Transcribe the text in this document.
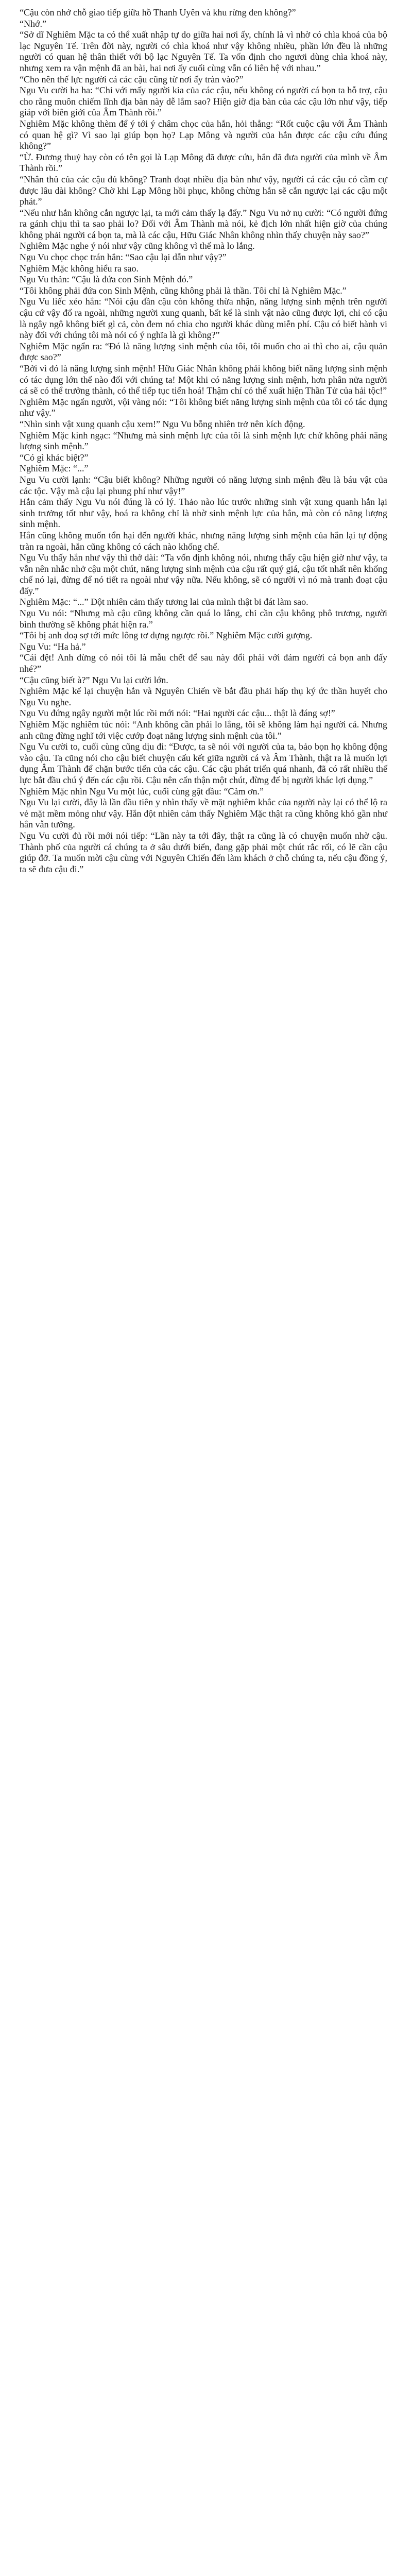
“Cậu còn nhớ chỗ giao tiếp giữa hồ Thanh Uyên và khu rừng đen không?”

“Nhớ.”

“Sở dĩ Nghiêm Mặc ta có thể xuất nhập tự do giữa hai nơi ấy, chính là vì nhờ có chìa khoá của bộ lạc Nguyên Tế. Trên đời này, người có chìa khoá như vậy không nhiều, phần lớn đều là những người có quan hệ thân thiết với bộ lạc Nguyên Tế. Ta vốn định cho ngươi dùng chìa khoá này, nhưng xem ra vận mệnh đã an bài, hai nơi ấy cuối cùng vẫn có liên hệ với nhau.”

“Cho nên thế lực người cá các cậu cũng từ nơi ấy tràn vào?”

Ngu Vu cười ha ha: “Chỉ với mấy người kia của các cậu, nếu không có người cá bọn ta hỗ trợ, cậu cho rằng muôn chiếm lĩnh địa bàn này dễ lắm sao? Hiện giờ địa bàn của các cậu lớn như vậy, tiếp giáp với biên giới của Âm Thành rồi.”

Nghiêm Mặc không thèm để ý tới ý châm chọc của hắn, hỏi thẳng: “Rốt cuộc cậu với Âm Thành có quan hệ gì? Vì sao lại giúp bọn họ? Lạp Mông và người của hắn được các cậu cứu đúng không?”

“Ừ. Đương thuỷ hay còn có tên gọi là Lạp Mông đã được cứu, hắn đã đưa người của mình về Âm Thành rồi.”

“Nhân thủ của các cậu đủ không? Tranh đoạt nhiều địa bàn như vậy, người cá các cậu có cầm cự được lâu dài không? Chờ khi Lạp Mông hồi phục, không chừng hắn sẽ cắn ngược lại các cậu một phát.”

“Nếu như hắn không cắn ngược lại, ta mới cảm thấy lạ đấy.” Ngu Vu nở nụ cười: “Có người đứng ra gánh chịu thì ta sao phải lo? Đối với Âm Thành mà nói, kẻ địch lớn nhất hiện giờ của chúng không phải người cá bọn ta, mà là các cậu, Hữu Giác Nhân không nhìn thấy chuyện này sao?”

Nghiêm Mặc nghe ý nói như vậy cũng không vì thế mà lo lắng.

Ngu Vu chọc chọc trán hắn: “Sao cậu lại dẫn như vậy?”

Nghiêm Mặc không hiểu ra sao.

Ngu Vu thản: “Cậu là đứa con Sinh Mệnh đó.”

“Tôi không phải đứa con Sinh Mệnh, cũng không phải là thần. Tôi chỉ là Nghiêm Mặc.”

Ngu Vu liếc xéo hắn: “Nói cậu đần cậu còn không thừa nhận, năng lượng sinh mệnh trên người cậu cứ vậy đổ ra ngoài, những người xung quanh, bất kể là sinh vật nào cũng được lợi, chỉ có cậu là ngây ngô không biết gì cả, còn đem nó chia cho người khác dùng miễn phí. Cậu có biết hành vi này đối với chúng tôi mà nói có ý nghĩa là gì không?”

Nghiêm Mặc ngẩn ra: “Đó là năng lượng sinh mệnh của tôi, tôi muốn cho ai thì cho ai, cậu quản được sao?”

“Bởi vì đó là năng lượng sinh mệnh! Hữu Giác Nhân không phải không biết năng lượng sinh mệnh có tác dụng lớn thế nào đối với chúng ta! Một khi có năng lượng sinh mệnh, hơn phân nửa người cá sẽ có thể trưởng thành, có thể tiếp tục tiến hoá! Thậm chí có thể xuất hiện Thần Tử của hải tộc!”

Nghiêm Mặc ngẩn người, vội vàng nói: “Tôi không biết năng lượng sinh mệnh của tôi có tác dụng như vậy.”

“Nhìn sinh vật xung quanh cậu xem!” Ngu Vu bỗng nhiên trở nên kích động.

Nghiêm Mặc kinh ngạc: “Nhưng mà sinh mệnh lực của tôi là sinh mệnh lực chứ không phải năng lượng sinh mệnh.”

“Có gì khác biệt?”

Nghiêm Mặc: “...”

Ngu Vu cười lạnh: “Cậu biết không? Những người có năng lượng sinh mệnh đều là báu vật của các tộc. Vậy mà cậu lại phung phí như vậy!”

Hắn cảm thấy Ngu Vu nói đúng là có lý. Thảo nào lúc trước những sinh vật xung quanh hắn lại sinh trưởng tốt như vậy, hoá ra không chỉ là nhờ sinh mệnh lực của hắn, mà còn có năng lượng sinh mệnh.

Hắn cũng không muốn tổn hại đến người khác, nhưng năng lượng sinh mệnh của hắn lại tự động tràn ra ngoài, hắn cũng không có cách nào khống chế.

Ngu Vu thấy hắn như vậy thì thở dài: “Ta vốn định không nói, nhưng thấy cậu hiện giờ như vậy, ta vẫn nên nhắc nhở cậu một chút, năng lượng sinh mệnh của cậu rất quý giá, cậu tốt nhất nên khống chế nó lại, đừng để nó tiết ra ngoài như vậy nữa. Nếu không, sẽ có người vì nó mà tranh đoạt cậu đấy.”

Nghiêm Mặc: “...” Đột nhiên cảm thấy tương lai của mình thật bi đát làm sao.

Ngu Vu nói: “Nhưng mà cậu cũng không cần quá lo lắng, chỉ cần cậu không phô trương, người bình thường sẽ không phát hiện ra.”

“Tôi bị anh doạ sợ tới mức lông tơ dựng ngược rồi.” Nghiêm Mặc cười gượng.

Ngu Vu: “Ha hả.”

“Cái đệt! Anh đừng có nói tôi là mẫu chết để sau này đổi phải với đám người cá bọn anh đấy nhé?”

“Cậu cũng biết à?” Ngu Vu lại cười lớn.

Nghiêm Mặc kể lại chuyện hắn và Nguyên Chiến về bắt đầu phải hấp thụ ký ức thần huyết cho Ngu Vu nghe.

Ngu Vu đứng ngây người một lúc rồi mới nói: “Hai người các cậu... thật là đáng sợ!”

Nghiêm Mặc nghiêm túc nói: “Anh không cần phải lo lắng, tôi sẽ không làm hại người cá. Nhưng anh cũng đừng nghĩ tới việc cướp đoạt năng lượng sinh mệnh của tôi.”

Ngu Vu cười to, cuối cùng cũng dịu đi: “Được, ta sẽ nói với người của ta, bảo bọn họ không động vào cậu. Ta cũng nói cho cậu biết chuyện cấu kết giữa người cá và Âm Thành, thật ra là muốn lợi dụng Âm Thành để chặn bước tiến của các cậu. Các cậu phát triển quá nhanh, đã có rất nhiều thế lực bắt đầu chú ý đến các cậu rồi. Cậu nên cẩn thận một chút, đừng để bị người khác lợi dụng.”

Nghiêm Mặc nhìn Ngu Vu một lúc, cuối cùng gật đầu: “Cảm ơn.”

Ngu Vu lại cười, đây là lần đầu tiên y nhìn thấy về mặt nghiêm khắc của người này lại có thể lộ ra vẻ mặt mềm mỏng như vậy. Hắn đột nhiên cảm thấy Nghiêm Mặc thật ra cũng không khó gần như hắn vẫn tưởng.

Ngu Vu cười đủ rồi mới nói tiếp: “Lần này ta tới đây, thật ra cũng là có chuyện muốn nhờ cậu. Thành phố của người cá chúng ta ở sâu dưới biển, đang gặp phải một chút rắc rối, có lẽ cần cậu giúp đỡ. Ta muốn mời cậu cùng với Nguyên Chiến đến làm khách ở chỗ chúng ta, nếu cậu đồng ý, ta sẽ đưa cậu đi.”
